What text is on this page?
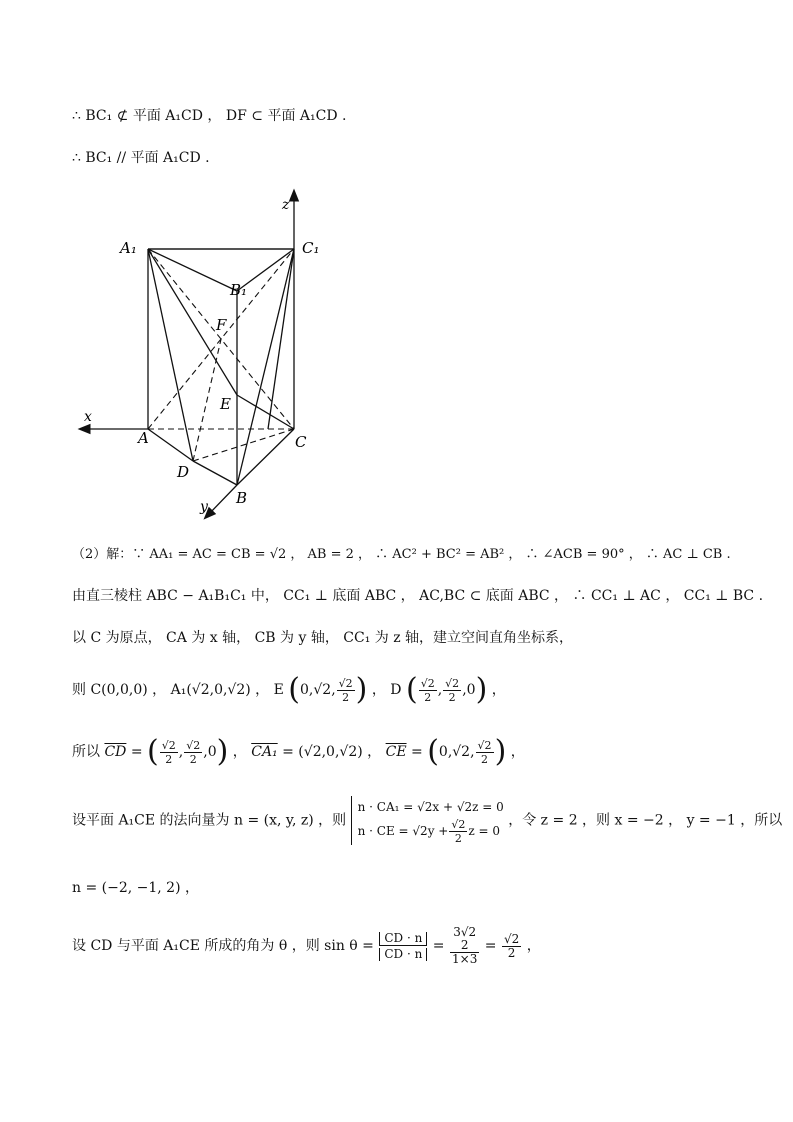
∴ BC₁ ⊄ 平面 A₁CD ， DF ⊂ 平面 A₁CD .
∴ BC₁ // 平面 A₁CD .
z
x
y
A₁	C₁
B₁
F
E
A	C
D
B
（2）解：∵ AA₁ = AC = CB = √2 ， AB = 2 ， ∴ AC² + BC² = AB² ， ∴ ∠ACB = 90° ， ∴ AC ⊥ CB .
由直三棱柱 ABC − A₁B₁C₁ 中， CC₁ ⊥ 底面 ABC ， AC,BC ⊂ 底面 ABC ， ∴ CC₁ ⊥ AC ， CC₁ ⊥ BC .
以 C 为原点， CA 为 x 轴， CB 为 y 轴， CC₁ 为 z 轴，建立空间直角坐标系，
则 C(0,0,0) ， A₁(√2,0,√2) ， E (0,√2, $\frac{√2}{2}$ ) ， D ( $\frac{√2}{2}$ , $\frac{√2}{2} ,0$) ，
所以 $\overline{CD}$ = ( $\frac{√2}{2}$ , $\frac{√2}{2} ,0$) ， CA₁ = (√2,0,√2) ， $\overline{CE} = (0,√2$, $\frac{√2}{2}$ ) ，
设平面 A₁CE 的法向量为 n = (x, y, z) ，则
n · CA₁ = √2x + √2z = 0
n · CE = $√2y + \frac{√2}{2}$ z = 0
，令 z = 2 ，则 x = −2 ， y = −1 ，所以
n = (−2, −1, 2) ，
设 CD 与平面 A₁CE 所成的角为 θ ，则 $\sin \theta = \frac{CD \cdot n}{CD \cdot n}$ =
3√2
2
1×3
= $\frac{√2}{2}$ ，
